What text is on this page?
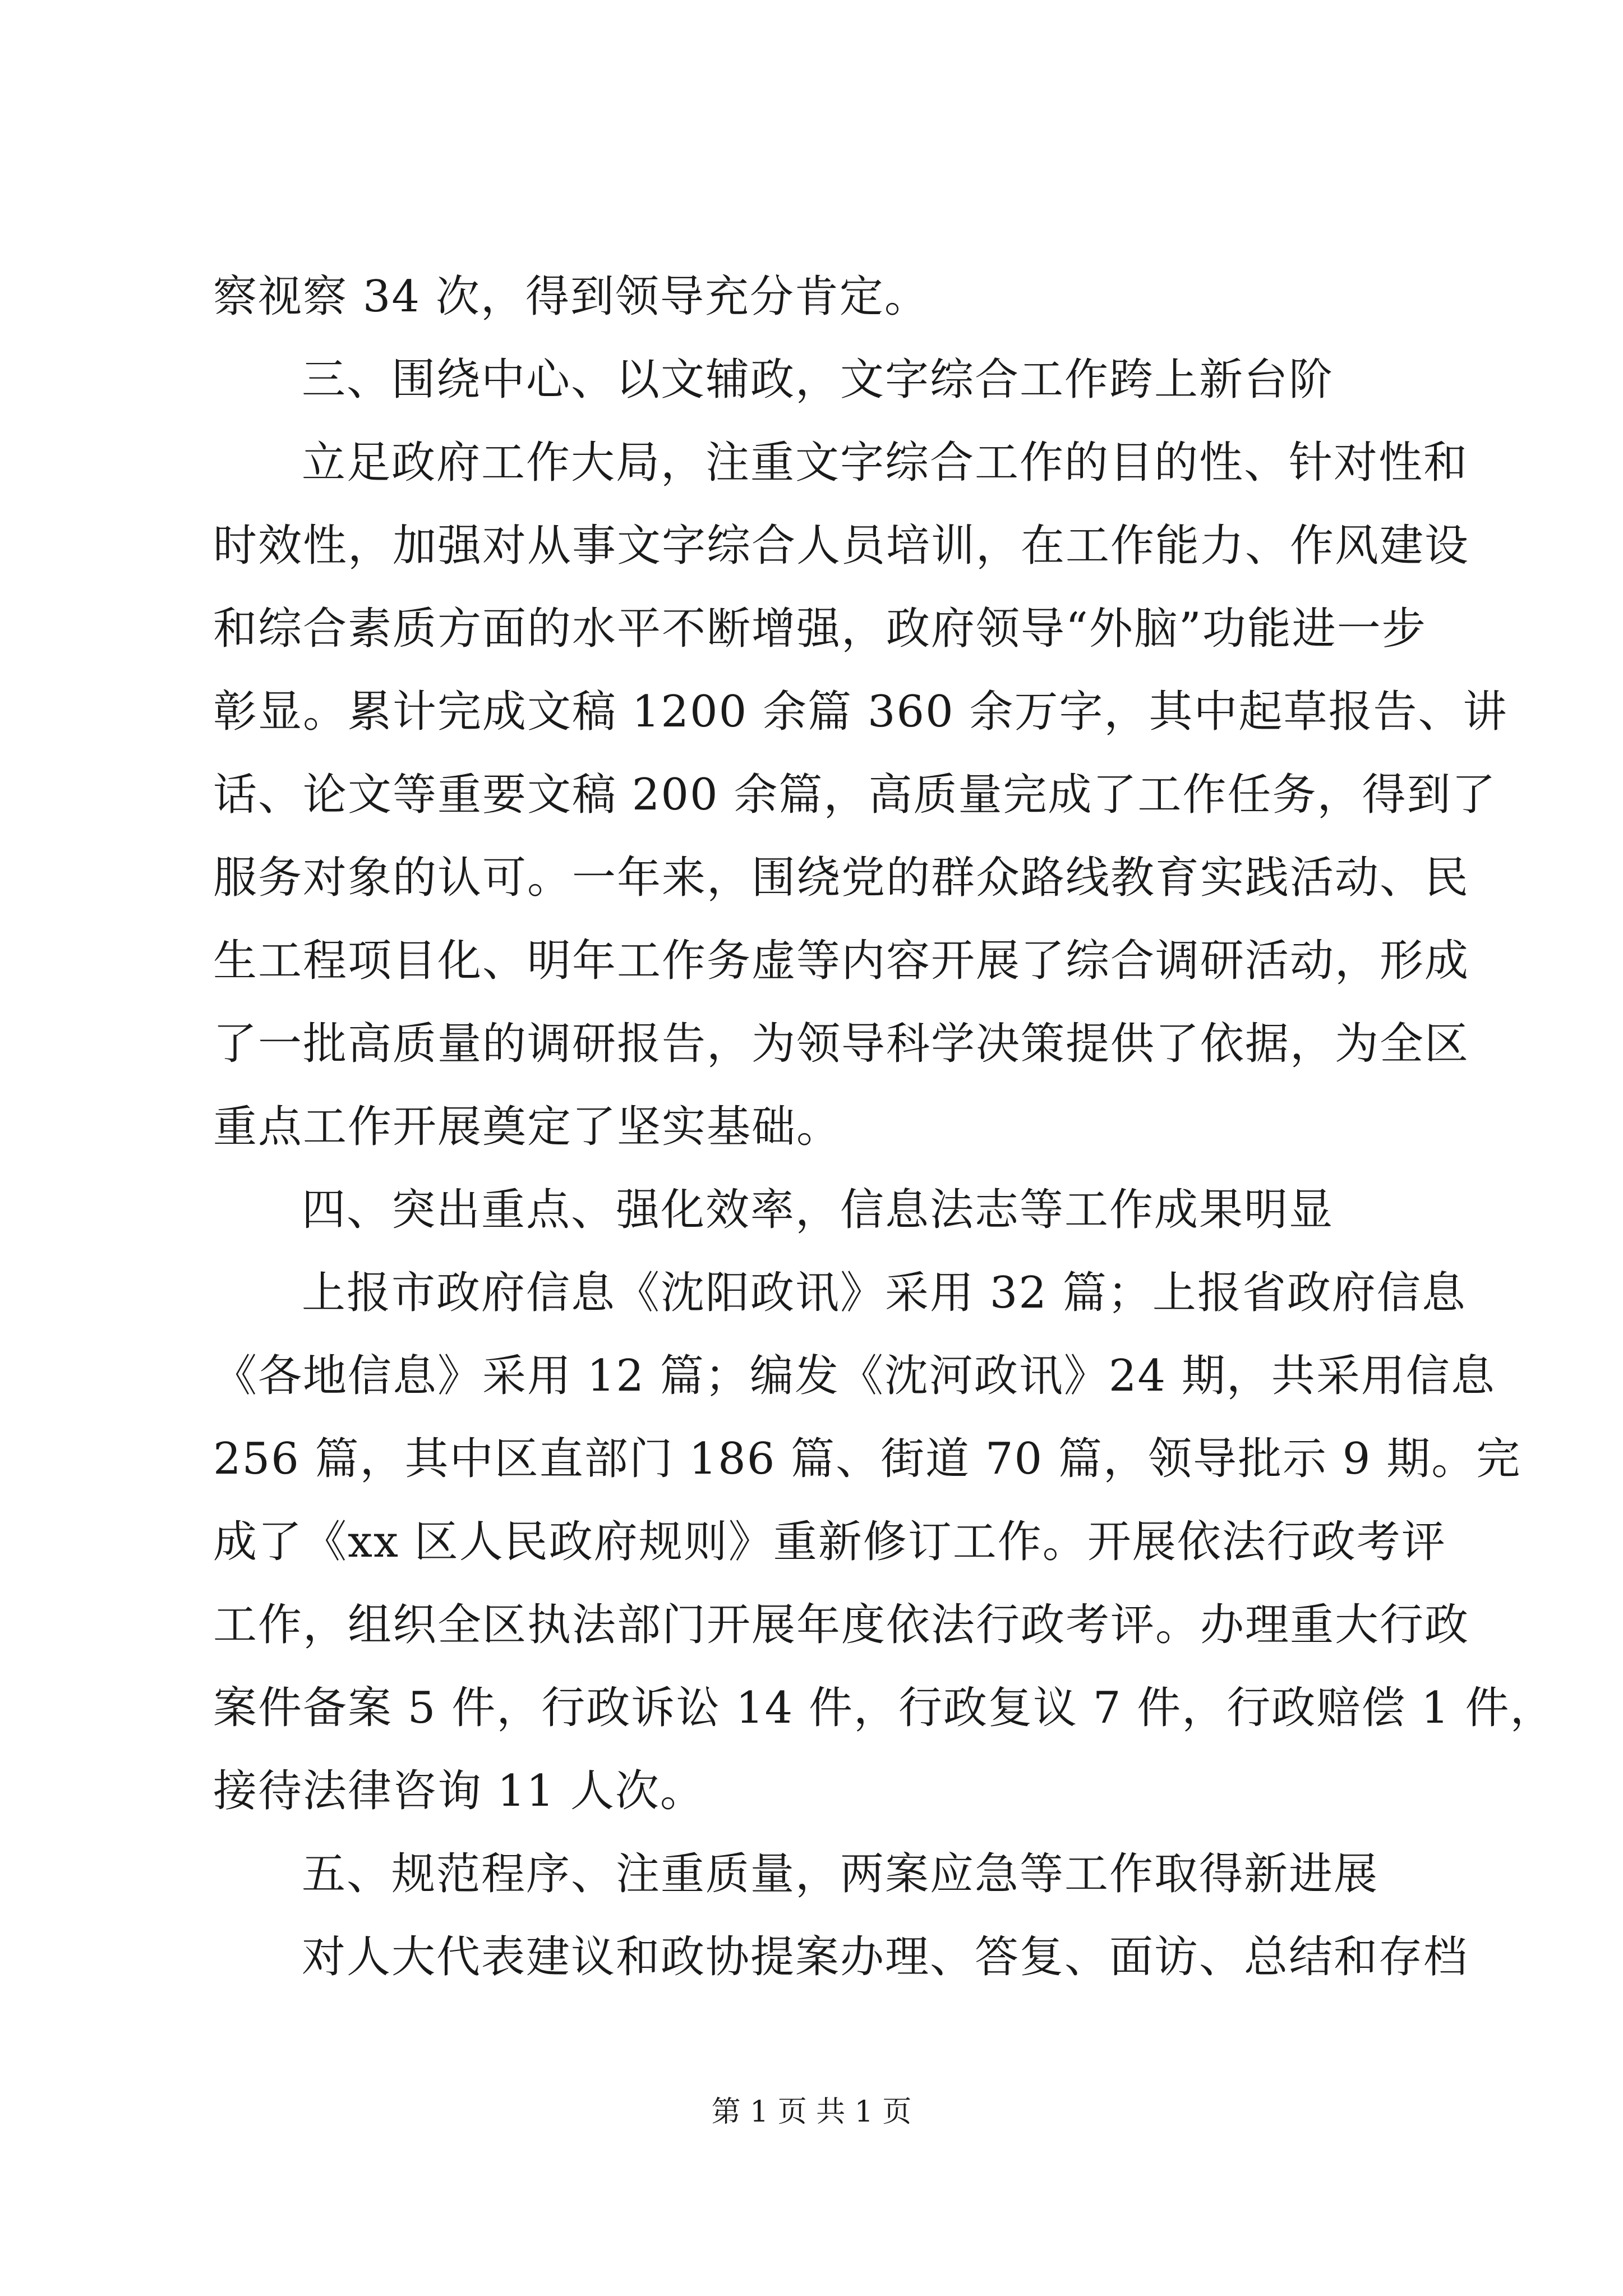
察视察 34 次，得到领导充分肯定。
三、围绕中心、以文辅政，文字综合工作跨上新台阶
立足政府工作大局，注重文字综合工作的目的性、针对性和
时效性，加强对从事文字综合人员培训，在工作能力、作风建设
和综合素质方面的水平不断增强，政府领导“外脑”功能进一步
彰显。累计完成文稿 1200 余篇 360 余万字，其中起草报告、讲
话、论文等重要文稿 200 余篇，高质量完成了工作任务，得到了
服务对象的认可。一年来，围绕党的群众路线教育实践活动、民
生工程项目化、明年工作务虚等内容开展了综合调研活动，形成
了一批高质量的调研报告，为领导科学决策提供了依据，为全区
重点工作开展奠定了坚实基础。
四、突出重点、强化效率，信息法志等工作成果明显
上报市政府信息《沈阳政讯》采用 32 篇；上报省政府信息
《各地信息》采用 12 篇；编发《沈河政讯》24 期，共采用信息
256 篇，其中区直部门 186 篇、街道 70 篇，领导批示 9 期。完
成了《xx 区人民政府规则》重新修订工作。开展依法行政考评
工作，组织全区执法部门开展年度依法行政考评。办理重大行政
案件备案 5 件，行政诉讼 14 件，行政复议 7 件，行政赔偿 1 件，
接待法律咨询 11 人次。
五、规范程序、注重质量，两案应急等工作取得新进展
对人大代表建议和政协提案办理、答复、面访、总结和存档
第 1 页 共 1 页
